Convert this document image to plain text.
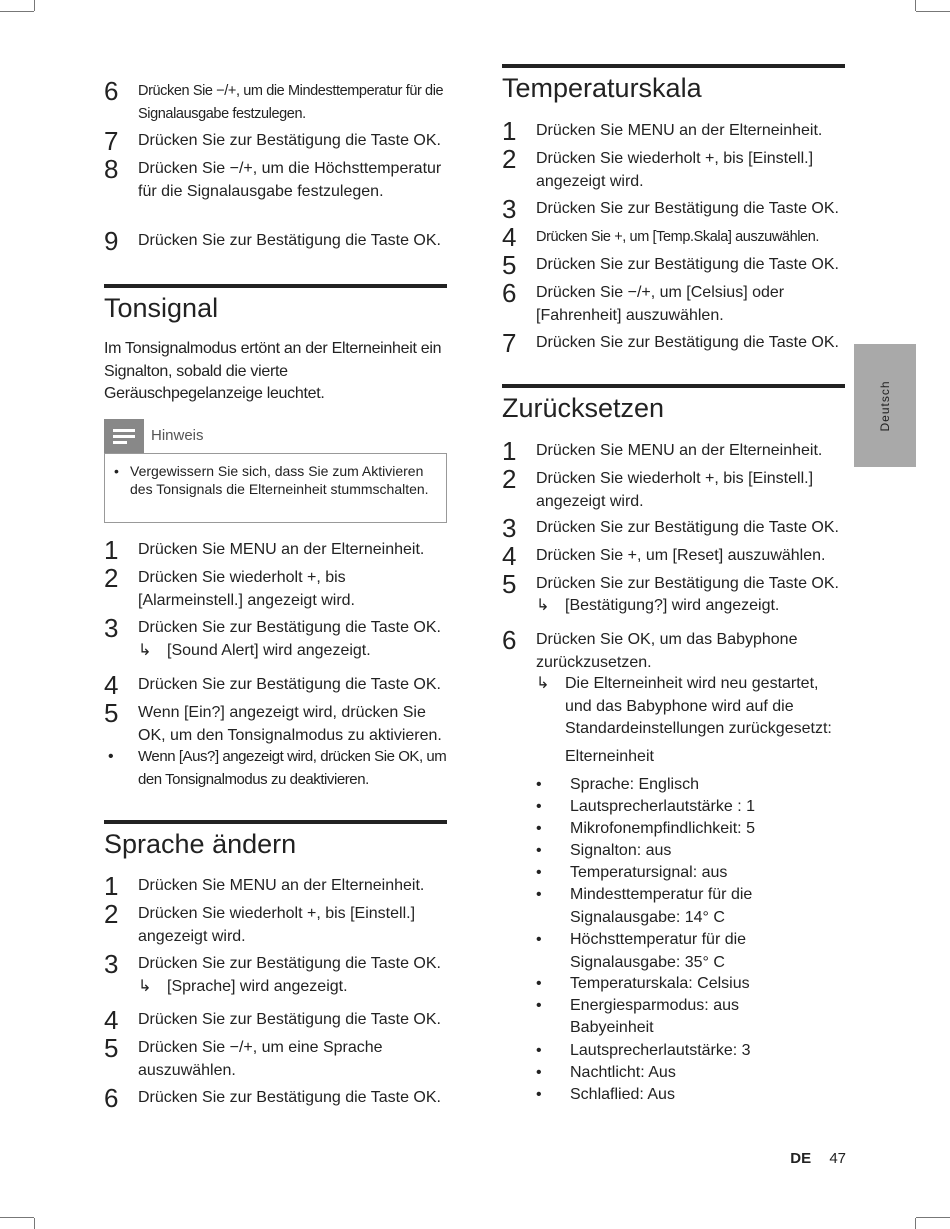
6 Drücken Sie −/+, um die Mindesttemperatur für die Signalausgabe festzulegen.
7 Drücken Sie zur Bestätigung die Taste OK.
8 Drücken Sie −/+, um die Höchsttemperatur für die Signalausgabe festzulegen.
9 Drücken Sie zur Bestätigung die Taste OK.
Tonsignal
Im Tonsignalmodus ertönt an der Elterneinheit ein Signalton, sobald die vierte Geräuschpegelanzeige leuchtet.
Hinweis
• Vergewissern Sie sich, dass Sie zum Aktivieren des Tonsignals die Elterneinheit stummschalten.
1 Drücken Sie MENU an der Elterneinheit.
2 Drücken Sie wiederholt +, bis [Alarmeinstell.] angezeigt wird.
3 Drücken Sie zur Bestätigung die Taste OK.
↳ [Sound Alert] wird angezeigt.
4 Drücken Sie zur Bestätigung die Taste OK.
5 Wenn [Ein?] angezeigt wird, drücken Sie OK, um den Tonsignalmodus zu aktivieren.
• Wenn [Aus?] angezeigt wird, drücken Sie OK, um den Tonsignalmodus zu deaktivieren.
Sprache ändern
1 Drücken Sie MENU an der Elterneinheit.
2 Drücken Sie wiederholt +, bis [Einstell.] angezeigt wird.
3 Drücken Sie zur Bestätigung die Taste OK.
↳ [Sprache] wird angezeigt.
4 Drücken Sie zur Bestätigung die Taste OK.
5 Drücken Sie −/+, um eine Sprache auszuwählen.
6 Drücken Sie zur Bestätigung die Taste OK.
Temperaturskala
1 Drücken Sie MENU an der Elterneinheit.
2 Drücken Sie wiederholt +, bis [Einstell.] angezeigt wird.
3 Drücken Sie zur Bestätigung die Taste OK.
4 Drücken Sie +, um [Temp.Skala] auszuwählen.
5 Drücken Sie zur Bestätigung die Taste OK.
6 Drücken Sie −/+, um [Celsius] oder [Fahrenheit] auszuwählen.
7 Drücken Sie zur Bestätigung die Taste OK.
Zurücksetzen
1 Drücken Sie MENU an der Elterneinheit.
2 Drücken Sie wiederholt +, bis [Einstell.] angezeigt wird.
3 Drücken Sie zur Bestätigung die Taste OK.
4 Drücken Sie +, um [Reset] auszuwählen.
5 Drücken Sie zur Bestätigung die Taste OK.
↳ [Bestätigung?] wird angezeigt.
6 Drücken Sie OK, um das Babyphone zurückzusetzen.
↳ Die Elterneinheit wird neu gestartet, und das Babyphone wird auf die Standardeinstellungen zurückgesetzt:
Elterneinheit
• Sprache: Englisch
• Lautsprecherlautstärke : 1
• Mikrofonempfindlichkeit: 5
• Signalton: aus
• Temperatursignal: aus
• Mindesttemperatur für die Signalausgabe: 14° C
• Höchsttemperatur für die Signalausgabe: 35° C
• Temperaturskala: Celsius
• Energiesparmodus: aus
Babyeinheit
• Lautsprecherlautstärke: 3
• Nachtlicht: Aus
• Schlaflied: Aus
Deutsch
DE 47
